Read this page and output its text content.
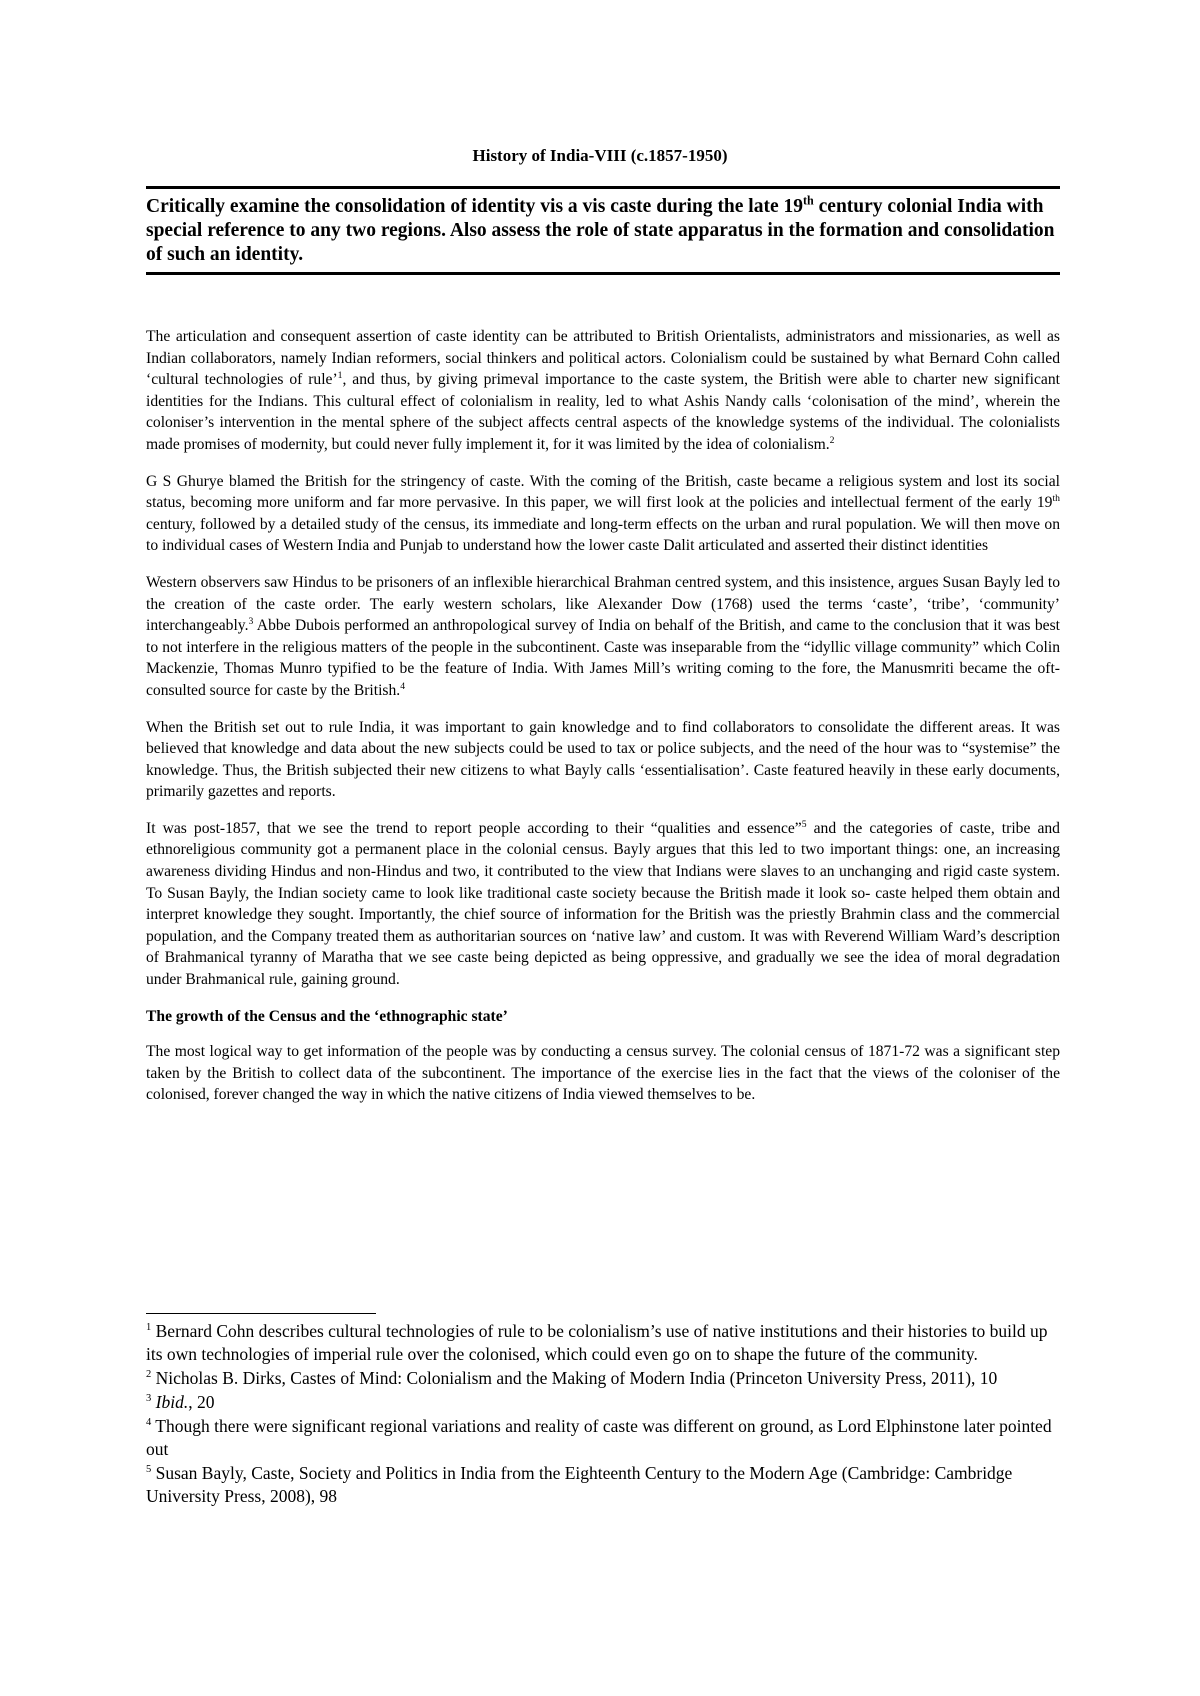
History of India-VIII (c.1857-1950)
Critically examine the consolidation of identity vis a vis caste during the late 19th century colonial India with special reference to any two regions. Also assess the role of state apparatus in the formation and consolidation of such an identity.

The articulation and consequent assertion of caste identity can be attributed to British Orientalists, administrators and missionaries, as well as Indian collaborators, namely Indian reformers, social thinkers and political actors. Colonialism could be sustained by what Bernard Cohn called ‘cultural technologies of rule’$^1$, and thus, by giving primeval importance to the caste system, the British were able to charter new significant identities for the Indians. This cultural effect of colonialism in reality, led to what Ashis Nandy calls ‘colonisation of the mind’, wherein the coloniser’s intervention in the mental sphere of the subject affects central aspects of the knowledge systems of the individual. The colonialists made promises of modernity, but could never fully implement it, for it was limited by the idea of colonialism.$^2$

G S Ghurye blamed the British for the stringency of caste. With the coming of the British, caste became a religious system and lost its social status, becoming more uniform and far more pervasive. In this paper, we will first look at the policies and intellectual ferment of the early 19th century, followed by a detailed study of the census, its immediate and long-term effects on the urban and rural population. We will then move on to individual cases of Western India and Punjab to understand how the lower caste Dalit articulated and asserted their distinct identities

Western observers saw Hindus to be prisoners of an inflexible hierarchical Brahman centred system, and this insistence, argues Susan Bayly led to the creation of the caste order. The early western scholars, like Alexander Dow (1768) used the terms ‘caste’, ‘tribe’, ‘community’ interchangeably.$^3$ Abbe Dubois performed an anthropological survey of India on behalf of the British, and came to the conclusion that it was best to not interfere in the religious matters of the people in the subcontinent. Caste was inseparable from the “idyllic village community” which Colin Mackenzie, Thomas Munro typified to be the feature of India. With James Mill’s writing coming to the fore, the Manusmriti became the oft-consulted source for caste by the British.$^4$

When the British set out to rule India, it was important to gain knowledge and to find collaborators to consolidate the different areas. It was believed that knowledge and data about the new subjects could be used to tax or police subjects, and the need of the hour was to “systemise” the knowledge. Thus, the British subjected their new citizens to what Bayly calls ‘essentialisation’. Caste featured heavily in these early documents, primarily gazettes and reports.

It was post-1857, that we see the trend to report people according to their “qualities and essence”$^5$ and the categories of caste, tribe and ethnoreligious community got a permanent place in the colonial census. Bayly argues that this led to two important things: one, an increasing awareness dividing Hindus and non-Hindus and two, it contributed to the view that Indians were slaves to an unchanging and rigid caste system. To Susan Bayly, the Indian society came to look like traditional caste society because the British made it look so- caste helped them obtain and interpret knowledge they sought. Importantly, the chief source of information for the British was the priestly Brahmin class and the commercial population, and the Company treated them as authoritarian sources on ‘native law’ and custom. It was with Reverend William Ward’s description of Brahmanical tyranny of Maratha that we see caste being depicted as being oppressive, and gradually we see the idea of moral degradation under Brahmanical rule, gaining ground.

The growth of the Census and the ‘ethnographic state’

The most logical way to get information of the people was by conducting a census survey. The colonial census of 1871-72 was a significant step taken by the British to collect data of the subcontinent. The importance of the exercise lies in the fact that the views of the coloniser of the colonised, forever changed the way in which the native citizens of India viewed themselves to be.

$^1$ Bernard Cohn describes cultural technologies of rule to be colonialism’s use of native institutions and their histories to build up its own technologies of imperial rule over the colonised, which could even go on to shape the future of the community.
$^2$ Nicholas B. Dirks, Castes of Mind: Colonialism and the Making of Modern India (Princeton University Press, 2011), 10
$^3$ Ibid., 20
$^4$ Though there were significant regional variations and reality of caste was different on ground, as Lord Elphinstone later pointed out
$^5$ Susan Bayly, Caste, Society and Politics in India from the Eighteenth Century to the Modern Age (Cambridge: Cambridge University Press, 2008), 98
